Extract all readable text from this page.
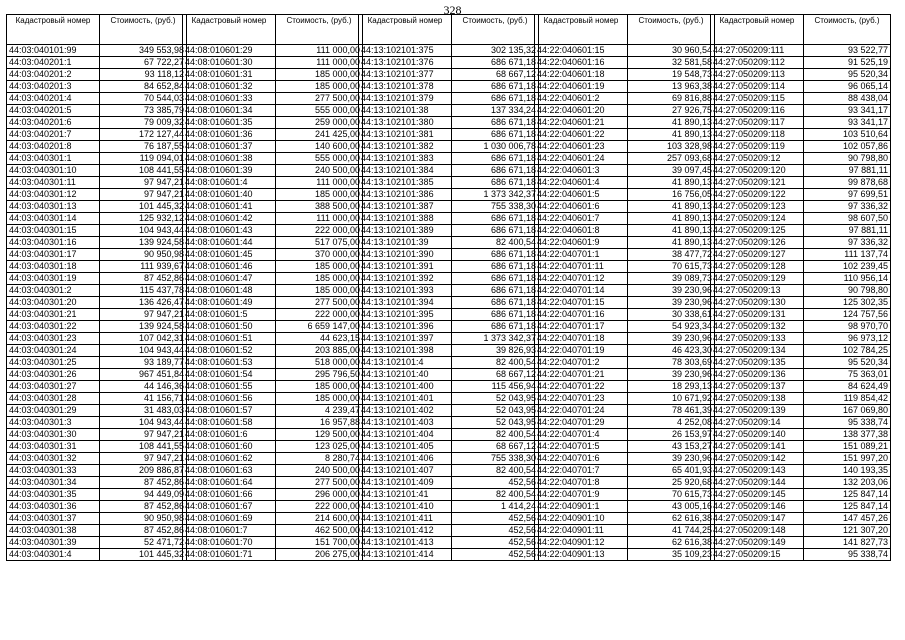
328
Кадастровый номер	Стоимость, (руб.)
44:03:040101:99	349 553,98
44:03:040201:1	67 722,27
44:03:040201:2	93 118,12
44:03:040201:3	84 652,84
44:03:040201:4	70 544,03
44:03:040201:5	73 385,79
44:03:040201:6	79 009,32
44:03:040201:7	172 127,44
44:03:040201:8	76 187,55
44:03:040301:1	119 094,01
44:03:040301:10	108 441,55
44:03:040301:11	97 947,21
44:03:040301:12	97 947,21
44:03:040301:13	101 445,32
44:03:040301:14	125 932,12
44:03:040301:15	104 943,44
44:03:040301:16	139 924,58
44:03:040301:17	90 950,98
44:03:040301:18	111 939,67
44:03:040301:19	87 452,86
44:03:040301:2	115 437,78
44:03:040301:20	136 426,47
44:03:040301:21	97 947,21
44:03:040301:22	139 924,58
44:03:040301:23	107 042,31
44:03:040301:24	104 943,44
44:03:040301:25	93 189,77
44:03:040301:26	967 451,84
44:03:040301:27	44 146,36
44:03:040301:28	41 156,71
44:03:040301:29	31 483,03
44:03:040301:3	104 943,44
44:03:040301:30	97 947,21
44:03:040301:31	108 441,55
44:03:040301:32	97 947,21
44:03:040301:33	209 886,87
44:03:040301:34	87 452,86
44:03:040301:35	94 449,09
44:03:040301:36	87 452,86
44:03:040301:37	90 950,98
44:03:040301:38	87 452,86
44:03:040301:39	52 471,72
44:03:040301:4	101 445,32
Кадастровый номер	Стоимость, (руб.)
44:08:010601:29	111 000,00
44:08:010601:30	111 000,00
44:08:010601:31	185 000,00
44:08:010601:32	185 000,00
44:08:010601:33	277 500,00
44:08:010601:34	555 000,00
44:08:010601:35	259 000,00
44:08:010601:36	241 425,00
44:08:010601:37	140 600,00
44:08:010601:38	555 000,00
44:08:010601:39	240 500,00
44:08:010601:4	111 000,00
44:08:010601:40	185 000,00
44:08:010601:41	388 500,00
44:08:010601:42	111 000,00
44:08:010601:43	222 000,00
44:08:010601:44	517 075,00
44:08:010601:45	370 000,00
44:08:010601:46	185 000,00
44:08:010601:47	185 000,00
44:08:010601:48	185 000,00
44:08:010601:49	277 500,00
44:08:010601:5	222 000,00
44:08:010601:50	6 659 147,00
44:08:010601:51	44 623,15
44:08:010601:52	203 885,00
44:08:010601:53	518 000,00
44:08:010601:54	295 796,50
44:08:010601:55	185 000,00
44:08:010601:56	185 000,00
44:08:010601:57	4 239,47
44:08:010601:58	16 957,88
44:08:010601:6	129 500,00
44:08:010601:60	123 025,00
44:08:010601:62	8 280,74
44:08:010601:63	240 500,00
44:08:010601:64	277 500,00
44:08:010601:66	296 000,00
44:08:010601:67	222 000,00
44:08:010601:69	214 600,00
44:08:010601:7	462 500,00
44:08:010601:70	151 700,00
44:08:010601:71	206 275,00
Кадастровый номер	Стоимость, (руб.)
44:13:102101:375	302 135,32
44:13:102101:376	686 671,18
44:13:102101:377	68 667,12
44:13:102101:378	686 671,18
44:13:102101:379	686 671,18
44:13:102101:38	137 334,24
44:13:102101:380	686 671,18
44:13:102101:381	686 671,18
44:13:102101:382	1 030 006,78
44:13:102101:383	686 671,18
44:13:102101:384	686 671,18
44:13:102101:385	686 671,18
44:13:102101:386	1 373 342,37
44:13:102101:387	755 338,30
44:13:102101:388	686 671,18
44:13:102101:389	686 671,18
44:13:102101:39	82 400,54
44:13:102101:390	686 671,18
44:13:102101:391	686 671,18
44:13:102101:392	686 671,18
44:13:102101:393	686 671,18
44:13:102101:394	686 671,18
44:13:102101:395	686 671,18
44:13:102101:396	686 671,18
44:13:102101:397	1 373 342,37
44:13:102101:398	39 826,93
44:13:102101:4	82 400,54
44:13:102101:40	68 667,12
44:13:102101:400	115 456,94
44:13:102101:401	52 043,95
44:13:102101:402	52 043,95
44:13:102101:403	52 043,95
44:13:102101:404	82 400,54
44:13:102101:405	68 667,12
44:13:102101:406	755 338,30
44:13:102101:407	82 400,54
44:13:102101:409	452,56
44:13:102101:41	82 400,54
44:13:102101:410	1 414,24
44:13:102101:411	452,56
44:13:102101:412	452,56
44:13:102101:413	452,56
44:13:102101:414	452,56
Кадастровый номер	Стоимость, (руб.)
44:22:040601:15	30 960,54
44:22:040601:16	32 581,58
44:22:040601:18	19 548,73
44:22:040601:19	13 963,38
44:22:040601:2	69 816,88
44:22:040601:20	27 926,75
44:22:040601:21	41 890,13
44:22:040601:22	41 890,13
44:22:040601:23	103 328,98
44:22:040601:24	257 093,68
44:22:040601:3	39 097,45
44:22:040601:4	41 890,13
44:22:040601:5	16 756,05
44:22:040601:6	41 890,13
44:22:040601:7	41 890,13
44:22:040601:8	41 890,13
44:22:040601:9	41 890,13
44:22:040701:1	38 477,72
44:22:040701:11	70 615,73
44:22:040701:12	39 089,73
44:22:040701:14	39 230,96
44:22:040701:15	39 230,96
44:22:040701:16	30 338,61
44:22:040701:17	54 923,34
44:22:040701:18	39 230,96
44:22:040701:19	46 423,30
44:22:040701:2	78 303,69
44:22:040701:21	39 230,96
44:22:040701:22	18 293,13
44:22:040701:23	10 671,92
44:22:040701:24	78 461,39
44:22:040701:29	4 252,08
44:22:040701:4	26 153,97
44:22:040701:5	43 153,27
44:22:040701:6	39 230,96
44:22:040701:7	65 401,93
44:22:040701:8	25 920,68
44:22:040701:9	70 615,73
44:22:040901:1	43 005,16
44:22:040901:10	62 616,38
44:22:040901:11	41 744,25
44:22:040901:12	62 616,38
44:22:040901:13	35 109,23
Кадастровый номер	Стоимость, (руб.)
44:27:050209:111	93 522,77
44:27:050209:112	91 525,19
44:27:050209:113	95 520,34
44:27:050209:114	96 065,14
44:27:050209:115	88 438,04
44:27:050209:116	93 341,17
44:27:050209:117	93 341,17
44:27:050209:118	103 510,64
44:27:050209:119	102 057,86
44:27:050209:12	90 798,80
44:27:050209:120	97 881,11
44:27:050209:121	99 878,68
44:27:050209:122	97 699,51
44:27:050209:123	97 336,32
44:27:050209:124	98 607,50
44:27:050209:125	97 881,11
44:27:050209:126	97 336,32
44:27:050209:127	111 137,74
44:27:050209:128	102 239,45
44:27:050209:129	110 956,14
44:27:050209:13	90 798,80
44:27:050209:130	125 302,35
44:27:050209:131	124 757,56
44:27:050209:132	98 970,70
44:27:050209:133	96 973,12
44:27:050209:134	102 784,25
44:27:050209:135	95 520,34
44:27:050209:136	75 363,01
44:27:050209:137	84 624,49
44:27:050209:138	119 854,42
44:27:050209:139	167 069,80
44:27:050209:14	95 338,74
44:27:050209:140	138 377,38
44:27:050209:141	151 089,21
44:27:050209:142	151 997,20
44:27:050209:143	140 193,35
44:27:050209:144	132 203,06
44:27:050209:145	125 847,14
44:27:050209:146	125 847,14
44:27:050209:147	147 457,26
44:27:050209:148	121 307,20
44:27:050209:149	141 827,73
44:27:050209:15	95 338,74
